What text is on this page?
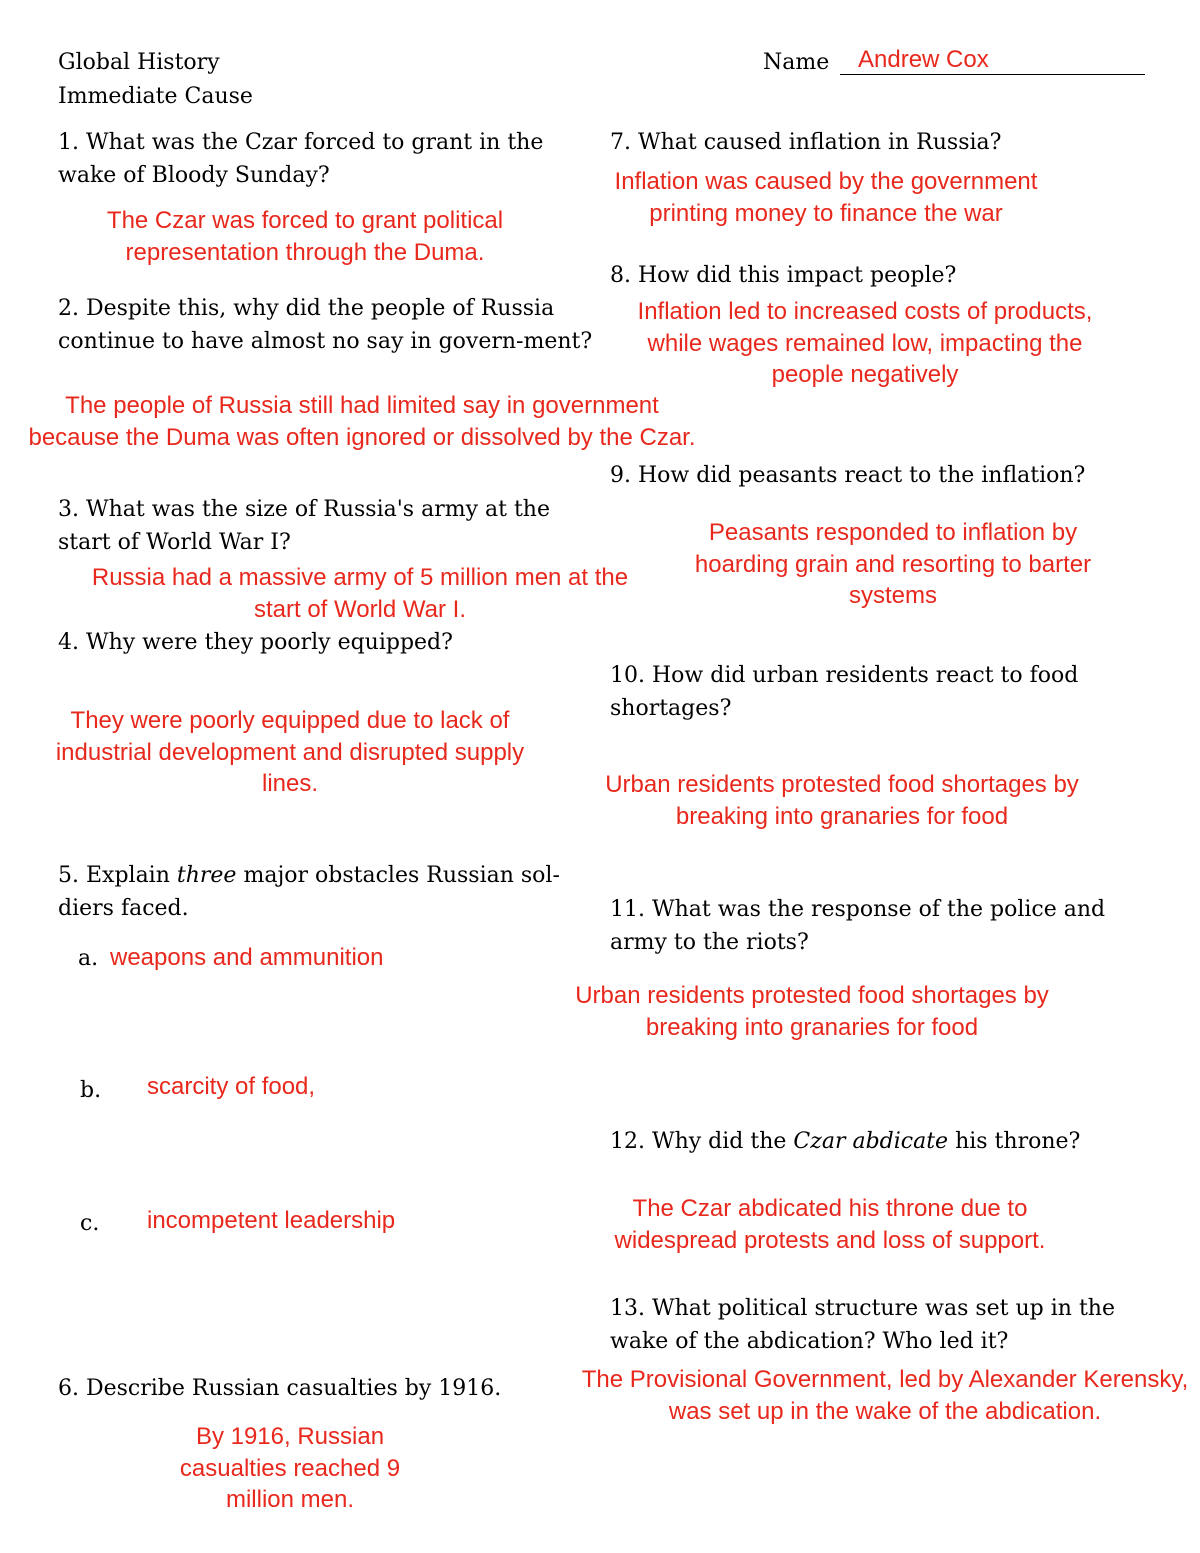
Global History
Immediate Cause
Name Andrew Cox
1. What was the Czar forced to grant in the wake of Bloody Sunday?
The Czar was forced to grant political representation through the Duma.
2. Despite this, why did the people of Russia continue to have almost no say in govern-ment?
The people of Russia still had limited say in government because the Duma was often ignored or dissolved by the Czar.
3. What was the size of Russia's army at the start of World War I?
Russia had a massive army of 5 million men at the start of World War I.
4. Why were they poorly equipped?
They were poorly equipped due to lack of industrial development and disrupted supply lines.
5. Explain three major obstacles Russian sol-diers faced.
a. weapons and ammunition
b. scarcity of food,
c. incompetent leadership
6. Describe Russian casualties by 1916.
By 1916, Russian casualties reached 9 million men.
7. What caused inflation in Russia?
Inflation was caused by the government printing money to finance the war
8. How did this impact people?
Inflation led to increased costs of products, while wages remained low, impacting the people negatively
9. How did peasants react to the inflation?
Peasants responded to inflation by hoarding grain and resorting to barter systems
10. How did urban residents react to food shortages?
Urban residents protested food shortages by breaking into granaries for food
11. What was the response of the police and army to the riots?
Urban residents protested food shortages by breaking into granaries for food
12. Why did the Czar abdicate his throne?
The Czar abdicated his throne due to widespread protests and loss of support.
13. What political structure was set up in the wake of the abdication? Who led it?
The Provisional Government, led by Alexander Kerensky, was set up in the wake of the abdication.
